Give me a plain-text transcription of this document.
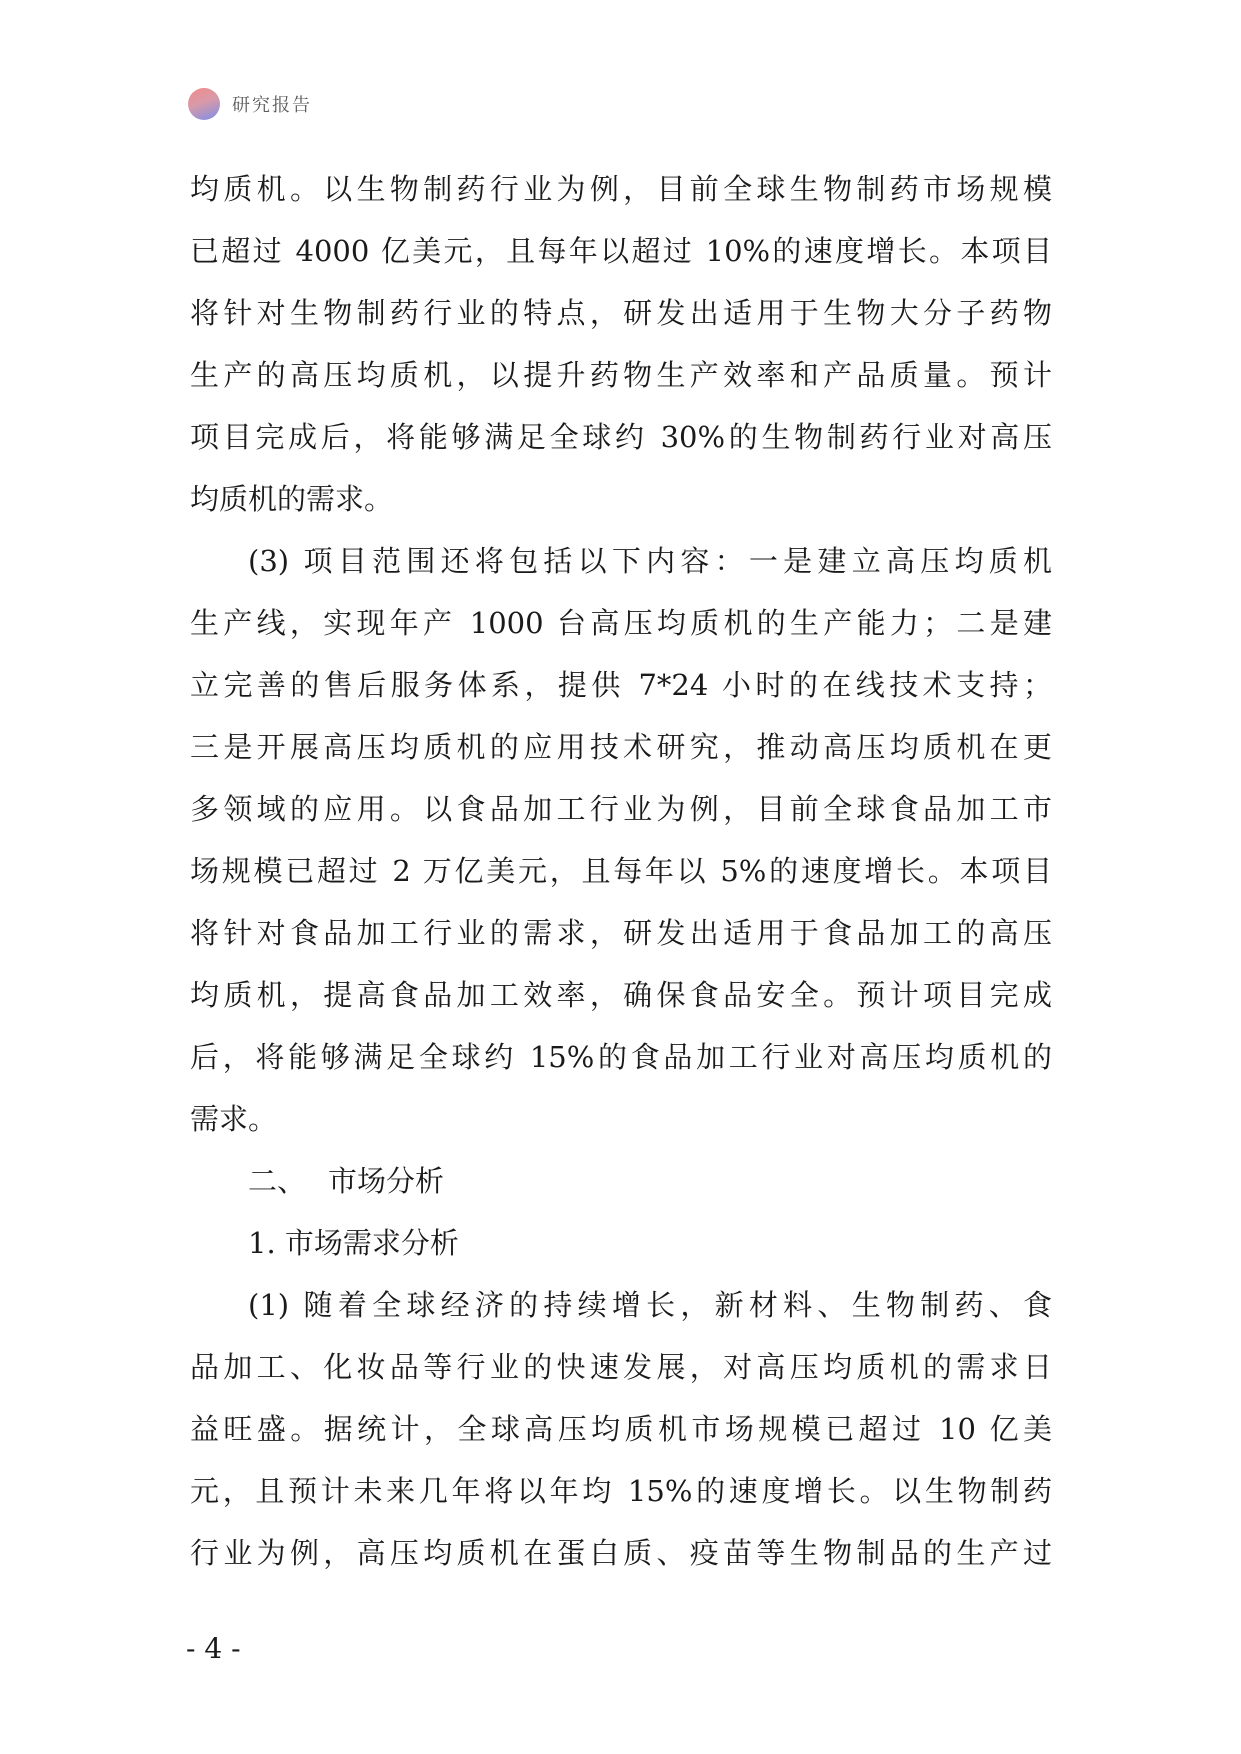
研究报告
均质机。以生物制药行业为例，目前全球生物制药市场规模
已超过 4000 亿美元，且每年以超过 10%的速度增长。本项目
将针对生物制药行业的特点，研发出适用于生物大分子药物
生产的高压均质机，以提升药物生产效率和产品质量。预计
项目完成后，将能够满足全球约 30%的生物制药行业对高压
均质机的需求。
(3) 项目范围还将包括以下内容：一是建立高压均质机
生产线，实现年产 1000 台高压均质机的生产能力；二是建
立完善的售后服务体系，提供 7*24 小时的在线技术支持；
三是开展高压均质机的应用技术研究，推动高压均质机在更
多领域的应用。以食品加工行业为例，目前全球食品加工市
场规模已超过 2 万亿美元，且每年以 5%的速度增长。本项目
将针对食品加工行业的需求，研发出适用于食品加工的高压
均质机，提高食品加工效率，确保食品安全。预计项目完成
后，将能够满足全球约 15%的食品加工行业对高压均质机的
需求。
二、 市场分析
1. 市场需求分析
(1) 随着全球经济的持续增长，新材料、生物制药、食
品加工、化妆品等行业的快速发展，对高压均质机的需求日
益旺盛。据统计，全球高压均质机市场规模已超过 10 亿美
元，且预计未来几年将以年均 15%的速度增长。以生物制药
行业为例，高压均质机在蛋白质、疫苗等生物制品的生产过
- 4 -
